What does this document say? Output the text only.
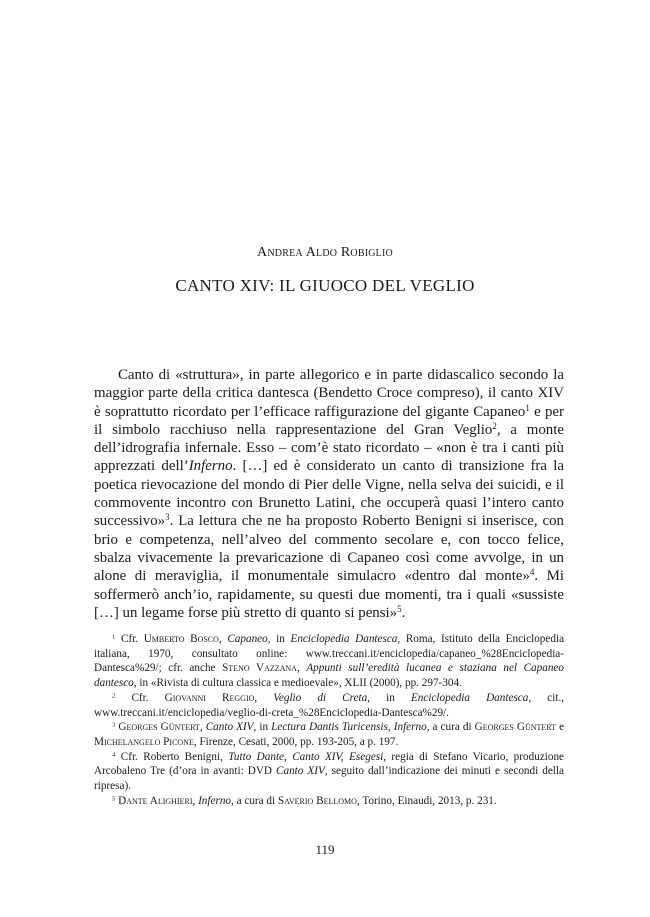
Andrea Aldo Robiglio
CANTO XIV: IL GIUOCO DEL VEGLIO

Canto di «struttura», in parte allegorico e in parte didascalico secondo la maggior parte della critica dantesca (Bendetto Croce compreso), il canto XIV è soprattutto ricordato per l’efficace raffigurazione del gigante Capaneo$^1$ e per il simbolo racchiuso nella rappresentazione del Gran Veglio$^2$, a monte dell’idrografia infernale. Esso – com’è stato ricordato – «non è tra i canti più apprezzati dell’Inferno. […] ed è considerato un canto di transizione fra la poetica rievocazione del mondo di Pier delle Vigne, nella selva dei suicidi, e il commovente incontro con Brunetto Latini, che occuperà quasi l’intero canto successivo»$^3$. La lettura che ne ha proposto Roberto Benigni si inserisce, con brio e competenza, nell’alveo del commento secolare e, con tocco felice, sbalza vivacemente la prevaricazione di Capaneo così come avvolge, in un alone di meraviglia, il monumentale simulacro «dentro dal monte»$^4$. Mi soffermerò anch’io, rapidamente, su questi due momenti, tra i quali «sussiste […] un legame forse più stretto di quanto si pensi»$^5$.

$^1$ Cfr. Umberto Bosco, Capaneo, in Enciclopedia Dantesca, Roma, Istituto della Enciclopedia italiana, 1970, consultato online: www.treccani.it/enciclopedia/capaneo_%28Enciclopedia-Dantesca%29/; cfr. anche Steno Vazzana, Appunti sull’eredità lucanea e staziana nel Capaneo dantesco, in «Rivista di cultura classica e medioevale», XLII (2000), pp. 297-304.

$^2$ Cfr. Giovanni Reggio, Veglio di Creta, in Enciclopedia Dantesca, cit., www.treccani.it/enciclopedia/veglio-di-creta_%28Enciclopedia-Dantesca%29/.

$^3$ Georges Güntert, Canto XIV, in Lectura Dantis Turicensis, Inferno, a cura di Georges Güntert e Michelangelo Picone, Firenze, Cesati, 2000, pp. 193-205, a p. 197.

$^4$ Cfr. Roberto Benigni, Tutto Dante, Canto XIV, Esegesi, regia di Stefano Vicario, produzione Arcobaleno Tre (d’ora in avanti: DVD Canto XIV, seguito dall’indicazione dei minuti e secondi della ripresa).

$^5$ Dante Alighieri, Inferno, a cura di Saverio Bellomo, Torino, Einaudi, 2013, p. 231.

119
